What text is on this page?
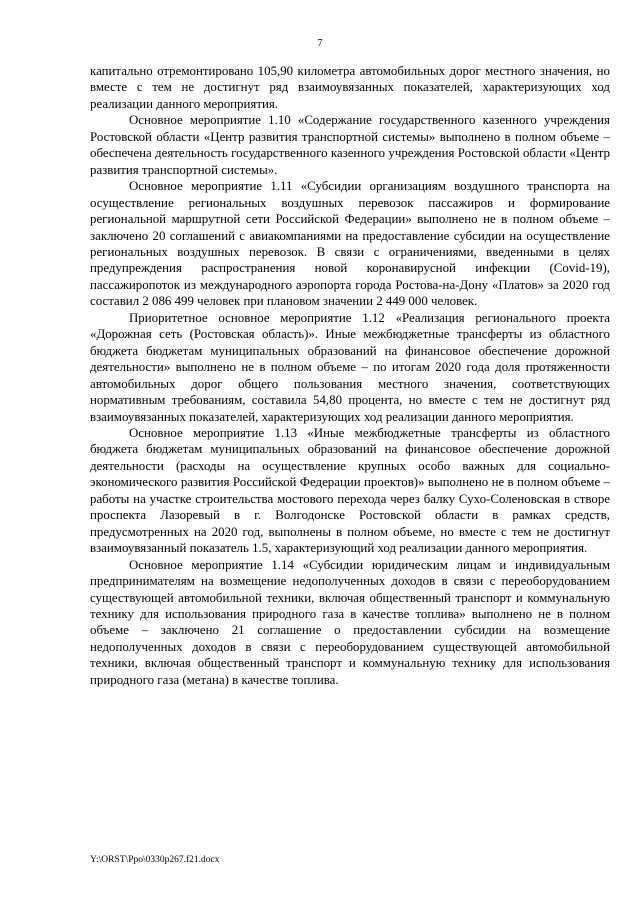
7

капитально отремонтировано 105,90 километра автомобильных дорог местного значения, но вместе с тем не достигнут ряд взаимоувязанных показателей, характеризующих ход реализации данного мероприятия.

Основное мероприятие 1.10 «Содержание государственного казенного учреждения Ростовской области «Центр развития транспортной системы» выполнено в полном объеме – обеспечена деятельность государственного казенного учреждения Ростовской области «Центр развития транспортной системы».

Основное мероприятие 1.11 «Субсидии организациям воздушного транспорта на осуществление региональных воздушных перевозок пассажиров и формирование региональной маршрутной сети Российской Федерации» выполнено не в полном объеме – заключено 20 соглашений с авиакомпаниями на предоставление субсидии на осуществление региональных воздушных перевозок. В связи с ограничениями, введенными в целях предупреждения распространения новой коронавирусной инфекции (Covid-19), пассажиропоток из международного аэропорта города Ростова-на-Дону «Платов» за 2020 год составил 2 086 499 человек при плановом значении 2 449 000 человек.

Приоритетное основное мероприятие 1.12 «Реализация регионального проекта «Дорожная сеть (Ростовская область)». Иные межбюджетные трансферты из областного бюджета бюджетам муниципальных образований на финансовое обеспечение дорожной деятельности» выполнено не в полном объеме – по итогам 2020 года доля протяженности автомобильных дорог общего пользования местного значения, соответствующих нормативным требованиям, составила 54,80 процента, но вместе с тем не достигнут ряд взаимоувязанных показателей, характеризующих ход реализации данного мероприятия.

Основное мероприятие 1.13 «Иные межбюджетные трансферты из областного бюджета бюджетам муниципальных образований на финансовое обеспечение дорожной деятельности (расходы на осуществление крупных особо важных для социально-экономического развития Российской Федерации проектов)» выполнено не в полном объеме – работы на участке строительства мостового перехода через балку Сухо-Соленовская в створе проспекта Лазоревый в г. Волгодонске Ростовской области в рамках средств, предусмотренных на 2020 год, выполнены в полном объеме, но вместе с тем не достигнут взаимоувязанный показатель 1.5, характеризующий ход реализации данного мероприятия.

Основное мероприятие 1.14 «Субсидии юридическим лицам и индивидуальным предпринимателям на возмещение недополученных доходов в связи с переоборудованием существующей автомобильной техники, включая общественный транспорт и коммунальную технику для использования природного газа в качестве топлива» выполнено не в полном объеме – заключено 21 соглашение о предоставлении субсидии на возмещение недополученных доходов в связи с переоборудованием существующей автомобильной техники, включая общественный транспорт и коммунальную технику для использования природного газа (метана) в качестве топлива.

Y:\ORST\Ppo\0330p267.f21.docx
